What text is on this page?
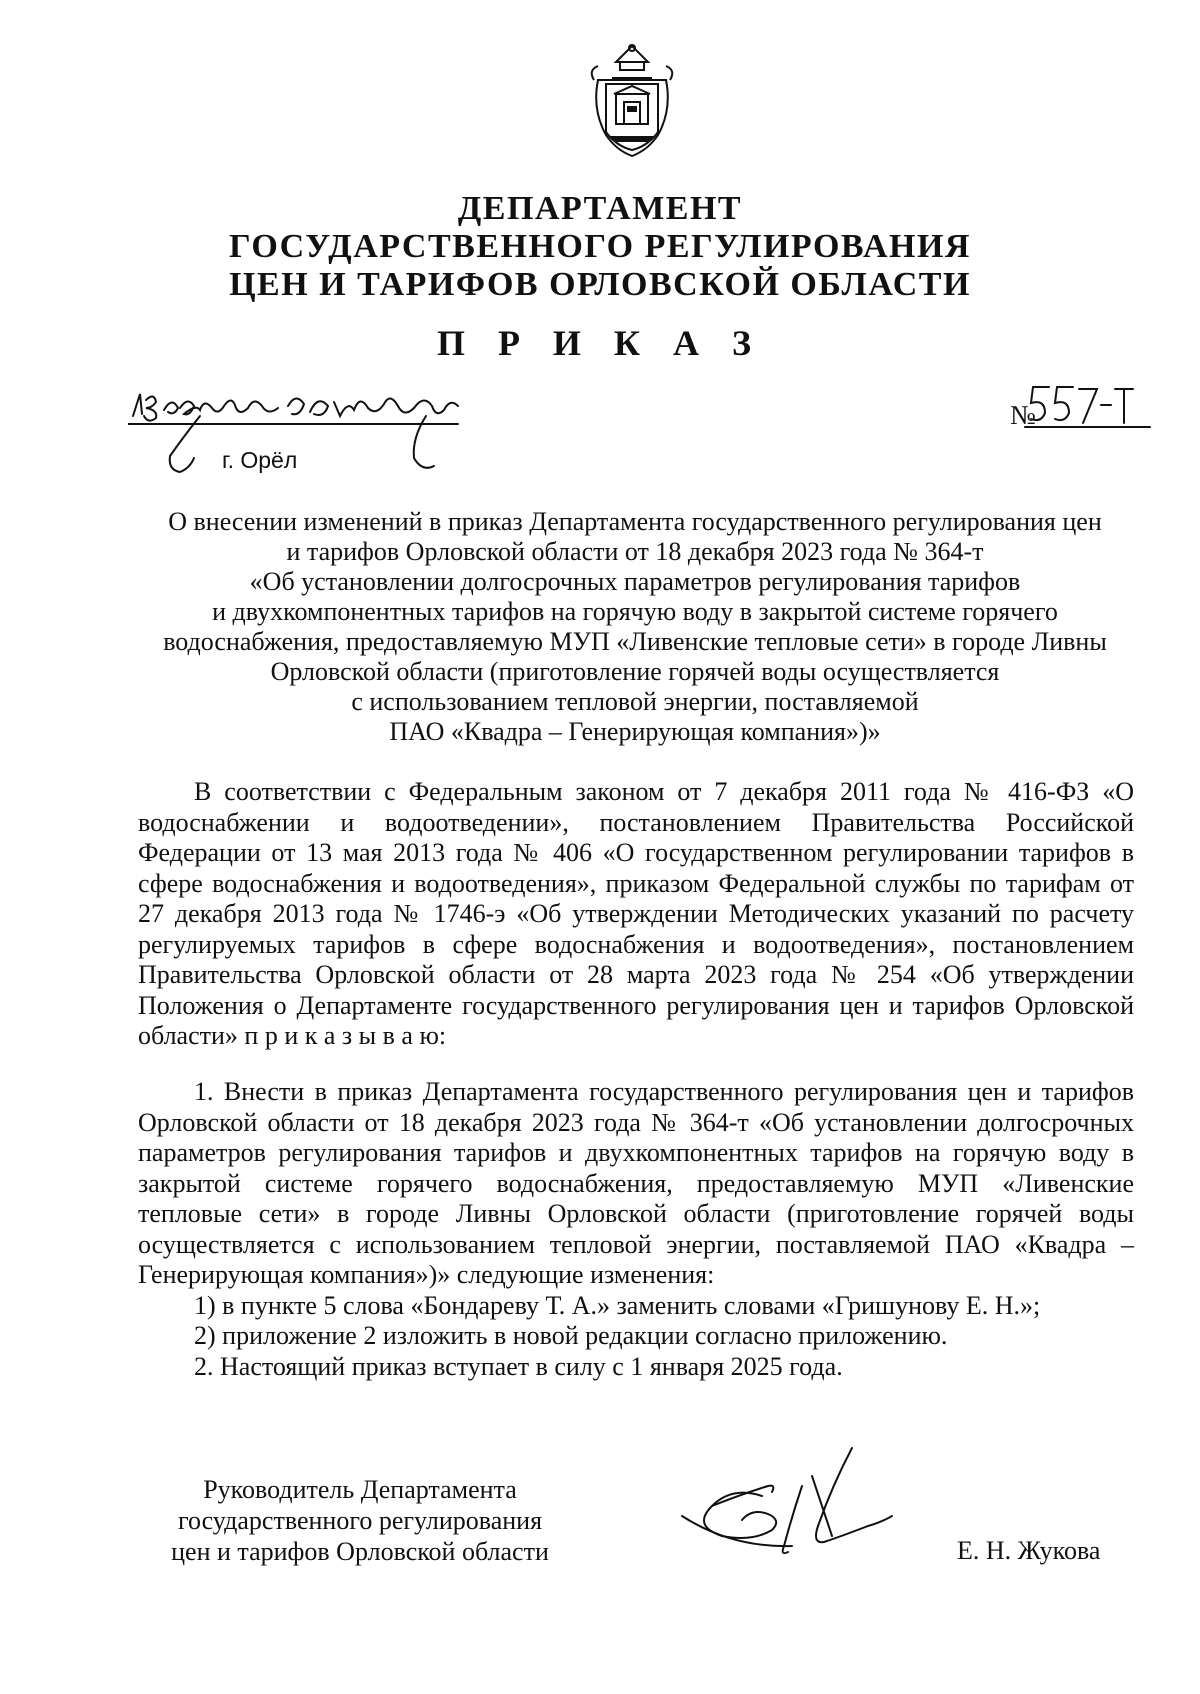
ДЕПАРТАМЕНТ
ГОСУДАРСТВЕННОГО РЕГУЛИРОВАНИЯ
ЦЕН И ТАРИФОВ ОРЛОВСКОЙ ОБЛАСТИ
П Р И К А З
№
г. Орёл
О внесении изменений в приказ Департамента государственного регулирования цен
и тарифов Орловской области от 18 декабря 2023 года № 364-т
«Об установлении долгосрочных параметров регулирования тарифов
и двухкомпонентных тарифов на горячую воду в закрытой системе горячего
водоснабжения, предоставляемую МУП «Ливенские тепловые сети» в городе Ливны
Орловской области (приготовление горячей воды осуществляется
с использованием тепловой энергии, поставляемой
ПАО «Квадра – Генерирующая компания»)»

В соответствии с Федеральным законом от 7 декабря 2011 года № 416-ФЗ «О водоснабжении и водоотведении», постановлением Правительства Российской Федерации от 13 мая 2013 года № 406 «О государственном регулировании тарифов в сфере водоснабжения и водоотведения», приказом Федеральной службы по тарифам от 27 декабря 2013 года № 1746-э «Об утверждении Методических указаний по расчету регулируемых тарифов в сфере водоснабжения и водоотведения», постановлением Правительства Орловской области от 28 марта 2023 года № 254 «Об утверждении Положения о Департаменте государственного регулирования цен и тарифов Орловской области» п р и к а з ы в а ю:

1. Внести в приказ Департамента государственного регулирования цен и тарифов Орловской области от 18 декабря 2023 года № 364-т «Об установлении долгосрочных параметров регулирования тарифов и двухкомпонентных тарифов на горячую воду в закрытой системе горячего водоснабжения, предоставляемую МУП «Ливенские тепловые сети» в городе Ливны Орловской области (приготовление горячей воды осуществляется с использованием тепловой энергии, поставляемой ПАО «Квадра – Генерирующая компания»)» следующие изменения:

1) в пункте 5 слова «Бондареву Т. А.» заменить словами «Гришунову Е. Н.»;

2) приложение 2 изложить в новой редакции согласно приложению.

2. Настоящий приказ вступает в силу с 1 января 2025 года.

Руководитель Департамента
государственного регулирования
цен и тарифов Орловской области	Е. Н. Жукова
